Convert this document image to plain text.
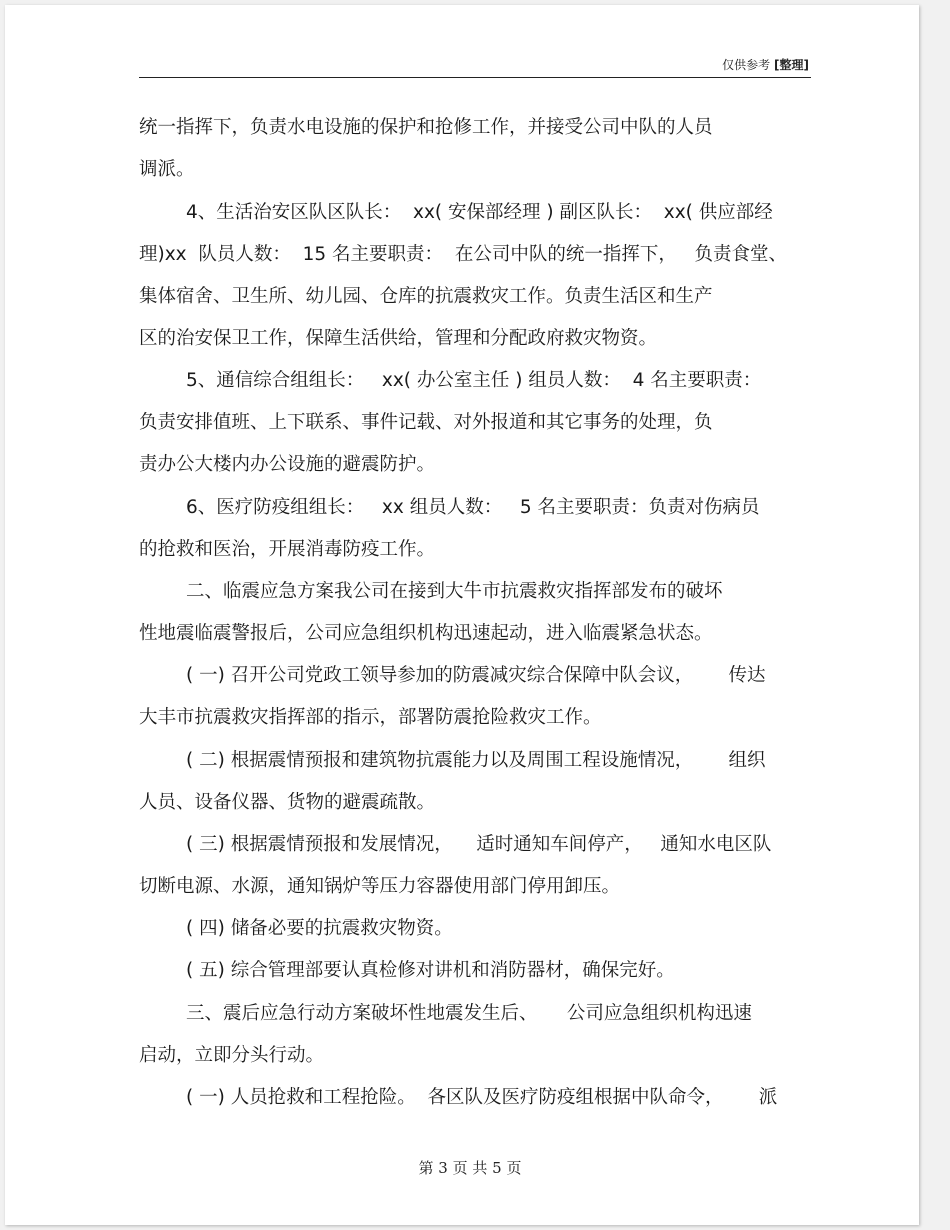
仅供参考 [整理]
统一指挥下，负责水电设施的保护和抢修工作，并接受公司中队的人员
调派。
4、生活治安区队区队长：  xx( 安保部经理 ) 副区队长：  xx( 供应部经
理)xx  队员人数：  15 名主要职责：  在公司中队的统一指挥下，   负责食堂、
集体宿舍、卫生所、幼儿园、仓库的抗震救灾工作。负责生活区和生产
区的治安保卫工作，保障生活供给，管理和分配政府救灾物资。
5、通信综合组组长：   xx( 办公室主任 ) 组员人数：  4 名主要职责：
负责安排值班、上下联系、事件记载、对外报道和其它事务的处理，负
责办公大楼内办公设施的避震防护。
6、医疗防疫组组长：   xx 组员人数：   5 名主要职责：负责对伤病员
的抢救和医治，开展消毒防疫工作。
二、临震应急方案我公司在接到大牛市抗震救灾指挥部发布的破坏
性地震临震警报后，公司应急组织机构迅速起动，进入临震紧急状态。
( 一) 召开公司党政工领导参加的防震减灾综合保障中队会议，      传达
大丰市抗震救灾指挥部的指示，部署防震抢险救灾工作。
( 二) 根据震情预报和建筑物抗震能力以及周围工程设施情况，      组织
人员、设备仪器、货物的避震疏散。
( 三) 根据震情预报和发展情况，    适时通知车间停产，   通知水电区队
切断电源、水源，通知锅炉等压力容器使用部门停用卸压。
( 四) 储备必要的抗震救灾物资。
( 五) 综合管理部要认真检修对讲机和消防器材，确保完好。
三、震后应急行动方案破坏性地震发生后、     公司应急组织机构迅速
启动，立即分头行动。
( 一) 人员抢救和工程抢险。  各区队及医疗防疫组根据中队命令，      派
第 3 页 共 5 页
